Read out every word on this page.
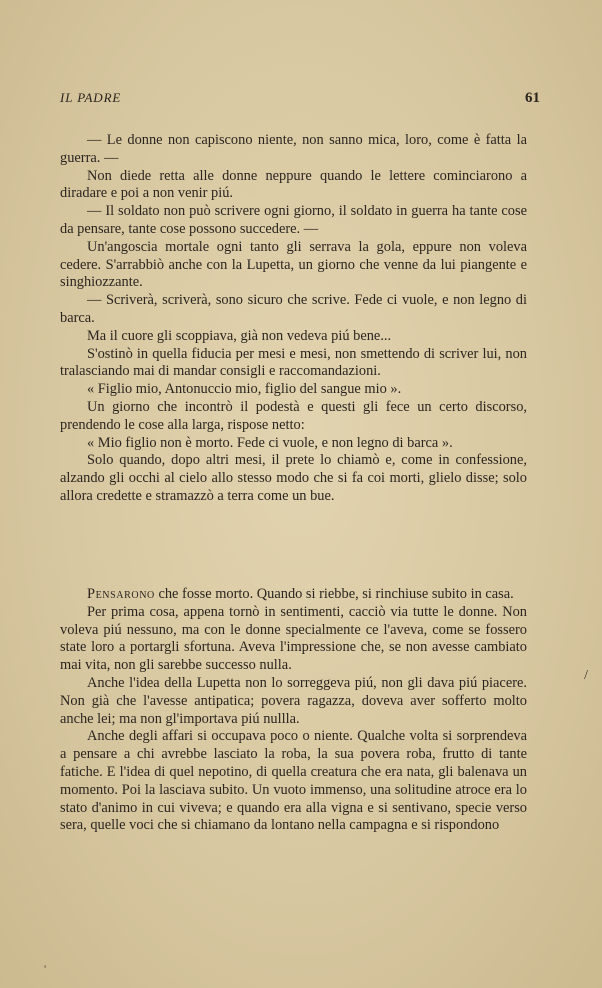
IL PADRE	61

— Le donne non capiscono niente, non sanno mica, loro, come è fatta la guerra. —

Non diede retta alle donne neppure quando le lettere cominciarono a diradare e poi a non venir piú.

— Il soldato non può scrivere ogni giorno, il soldato in guerra ha tante cose da pensare, tante cose possono succedere. —

Un'angoscia mortale ogni tanto gli serrava la gola, eppure non voleva cedere. S'arrabbiò anche con la Lupetta, un giorno che venne da lui piangente e singhiozzante.

— Scriverà, scriverà, sono sicuro che scrive. Fede ci vuole, e non legno di barca.

Ma il cuore gli scoppiava, già non vedeva piú bene...

S'ostinò in quella fiducia per mesi e mesi, non smettendo di scriver lui, non tralasciando mai di mandar consigli e raccomandazioni.

« Figlio mio, Antonuccio mio, figlio del sangue mio ».

Un giorno che incontrò il podestà e questi gli fece un certo discorso, prendendo le cose alla larga, rispose netto:

« Mio figlio non è morto. Fede ci vuole, e non legno di barca ».

Solo quando, dopo altri mesi, il prete lo chiamò e, come in confessione, alzando gli occhi al cielo allo stesso modo che si fa coi morti, glielo disse; solo allora credette e stramazzò a terra come un bue.

Pensarono che fosse morto. Quando si riebbe, si rinchiuse subito in casa.

Per prima cosa, appena tornò in sentimenti, cacciò via tutte le donne. Non voleva piú nessuno, ma con le donne specialmente ce l'aveva, come se fossero state loro a portargli sfortuna. Aveva l'impressione che, se non avesse cambiato mai vita, non gli sarebbe successo nulla.

Anche l'idea della Lupetta non lo sorreggeva piú, non gli dava piú piacere. Non già che l'avesse antipatica; povera ragazza, doveva aver sofferto molto anche lei; ma non gl'importava piú nullla.

Anche degli affari si occupava poco o niente. Qualche volta si sorprendeva a pensare a chi avrebbe lasciato la roba, la sua povera roba, frutto di tante fatiche. E l'idea di quel nepotino, di quella creatura che era nata, gli balenava un momento. Poi la lasciava subito. Un vuoto immenso, una solitudine atroce era lo stato d'animo in cui viveva; e quando era alla vigna e si sentivano, specie verso sera, quelle voci che si chiamano da lontano nella campagna e si rispondono

/
'
